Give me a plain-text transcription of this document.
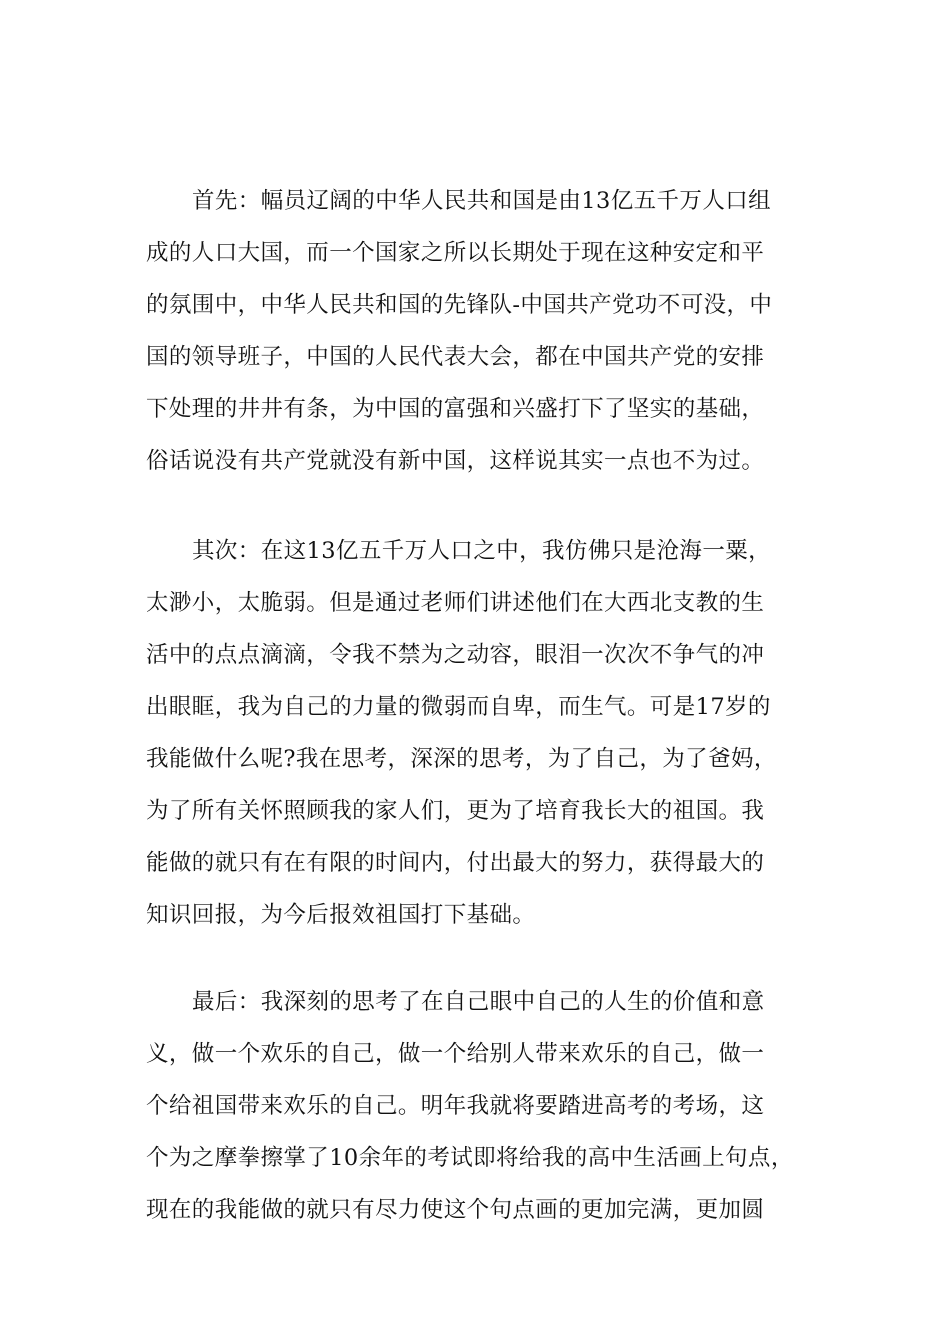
首先：幅员辽阔的中华人民共和国是由13亿五千万人口组
成的人口大国，而一个国家之所以长期处于现在这种安定和平
的氛围中，中华人民共和国的先锋队-中国共产党功不可没，中
国的领导班子，中国的人民代表大会，都在中国共产党的安排
下处理的井井有条，为中国的富强和兴盛打下了坚实的基础，
俗话说没有共产党就没有新中国，这样说其实一点也不为过。
其次：在这13亿五千万人口之中，我仿佛只是沧海一粟，
太渺小，太脆弱。但是通过老师们讲述他们在大西北支教的生
活中的点点滴滴，令我不禁为之动容，眼泪一次次不争气的冲
出眼眶，我为自己的力量的微弱而自卑，而生气。可是17岁的
我能做什么呢?我在思考，深深的思考，为了自己，为了爸妈，
为了所有关怀照顾我的家人们，更为了培育我长大的祖国。我
能做的就只有在有限的时间内，付出最大的努力，获得最大的
知识回报，为今后报效祖国打下基础。
最后：我深刻的思考了在自己眼中自己的人生的价值和意
义，做一个欢乐的自己，做一个给别人带来欢乐的自己，做一
个给祖国带来欢乐的自己。明年我就将要踏进高考的考场，这
个为之摩拳擦掌了10余年的考试即将给我的高中生活画上句点，
现在的我能做的就只有尽力使这个句点画的更加完满，更加圆
